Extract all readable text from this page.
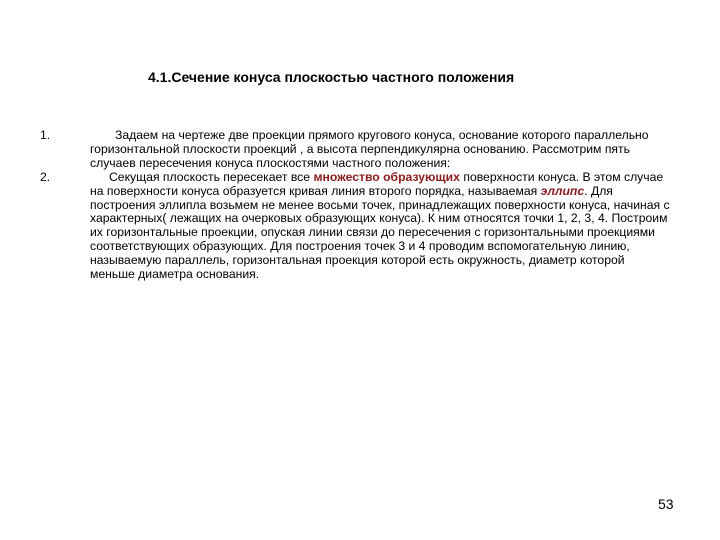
4.1.Сечение конуса плоскостью частного положения
1.	Задаем на чертеже две проекции прямого кругового конуса, основание которого параллельно горизонтальной плоскости проекций , а высота перпендикулярна основанию. Рассмотрим пять случаев пересечения конуса плоскостями частного положения:
2.	Секущая плоскость пересекает все множество образующих поверхности конуса. В этом случае на поверхности конуса образуется кривая линия второго порядка, называемая эллипс. Для построения эллипла возьмем не менее восьми точек, принадлежащих поверхности конуса, начиная с характерных( лежащих на очерковых образующих конуса). К ним относятся точки 1, 2, 3, 4. Построим их горизонтальные проекции, опуская линии связи до пересечения с горизонтальными проекциями соответствующих образующих. Для построения точек 3 и 4 проводим вспомогательную линию, называемую параллель, горизонтальная проекция которой есть окружность, диаметр которой меньше диаметра основания.
53
